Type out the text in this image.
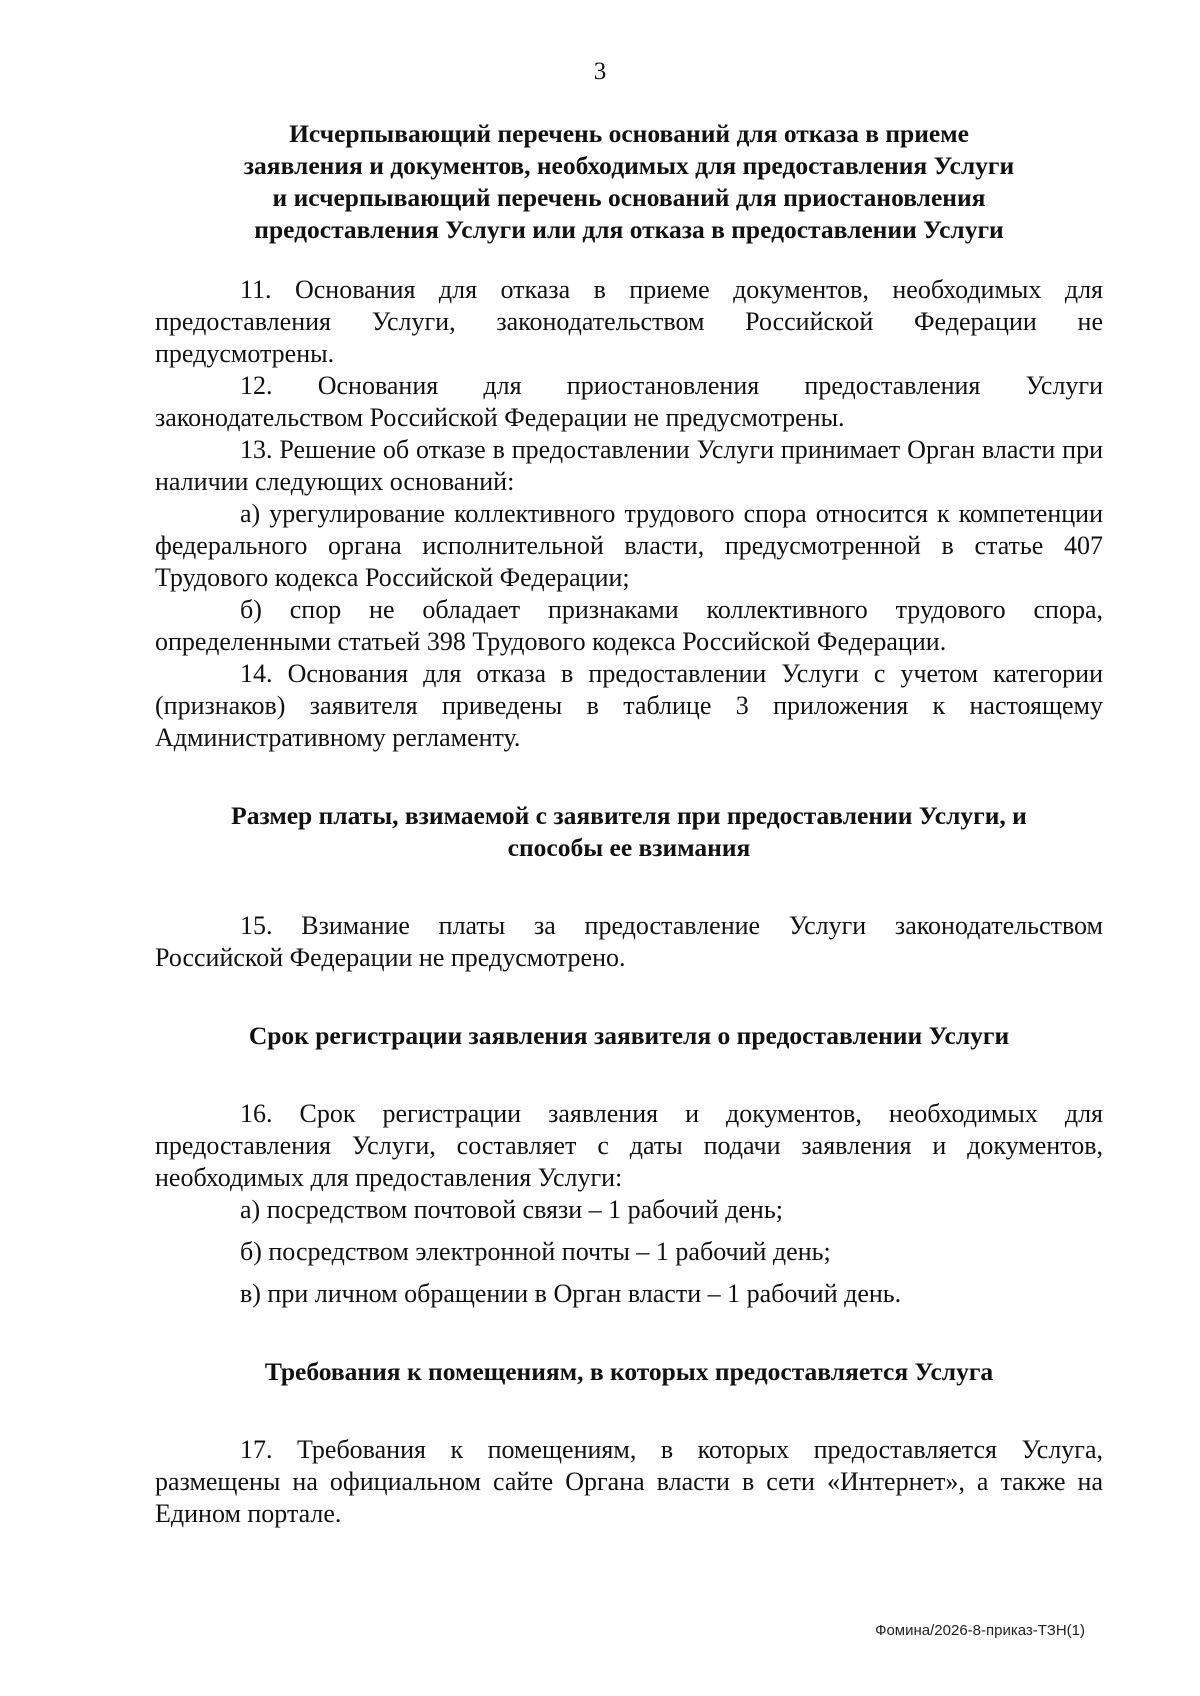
3
Исчерпывающий перечень оснований для отказа в приеме
заявления и документов, необходимых для предоставления Услуги
и исчерпывающий перечень оснований для приостановления
предоставления Услуги или для отказа в предоставлении Услуги

11. Основания для отказа в приеме документов, необходимых для предоставления Услуги, законодательством Российской Федерации не предусмотрены.

12. Основания для приостановления предоставления Услуги законодательством Российской Федерации не предусмотрены.

13. Решение об отказе в предоставлении Услуги принимает Орган власти при наличии следующих оснований:

а) урегулирование коллективного трудового спора относится к компетенции федерального органа исполнительной власти, предусмотренной в статье 407 Трудового кодекса Российской Федерации;

б) спор не обладает признаками коллективного трудового спора, определенными статьей 398 Трудового кодекса Российской Федерации.

14. Основания для отказа в предоставлении Услуги с учетом категории (признаков) заявителя приведены в таблице 3 приложения к настоящему Административному регламенту.

Размер платы, взимаемой с заявителя при предоставлении Услуги, и
способы ее взимания

15. Взимание платы за предоставление Услуги законодательством Российской Федерации не предусмотрено.

Срок регистрации заявления заявителя о предоставлении Услуги

16. Срок регистрации заявления и документов, необходимых для предоставления Услуги, составляет с даты подачи заявления и документов, необходимых для предоставления Услуги:

а) посредством почтовой связи – 1 рабочий день;

б) посредством электронной почты – 1 рабочий день;

в) при личном обращении в Орган власти – 1 рабочий день.

Требования к помещениям, в которых предоставляется Услуга

17. Требования к помещениям, в которых предоставляется Услуга, размещены на официальном сайте Органа власти в сети «Интернет», а также на Едином портале.

Фомина/2026-8-приказ-ТЗН(1)
